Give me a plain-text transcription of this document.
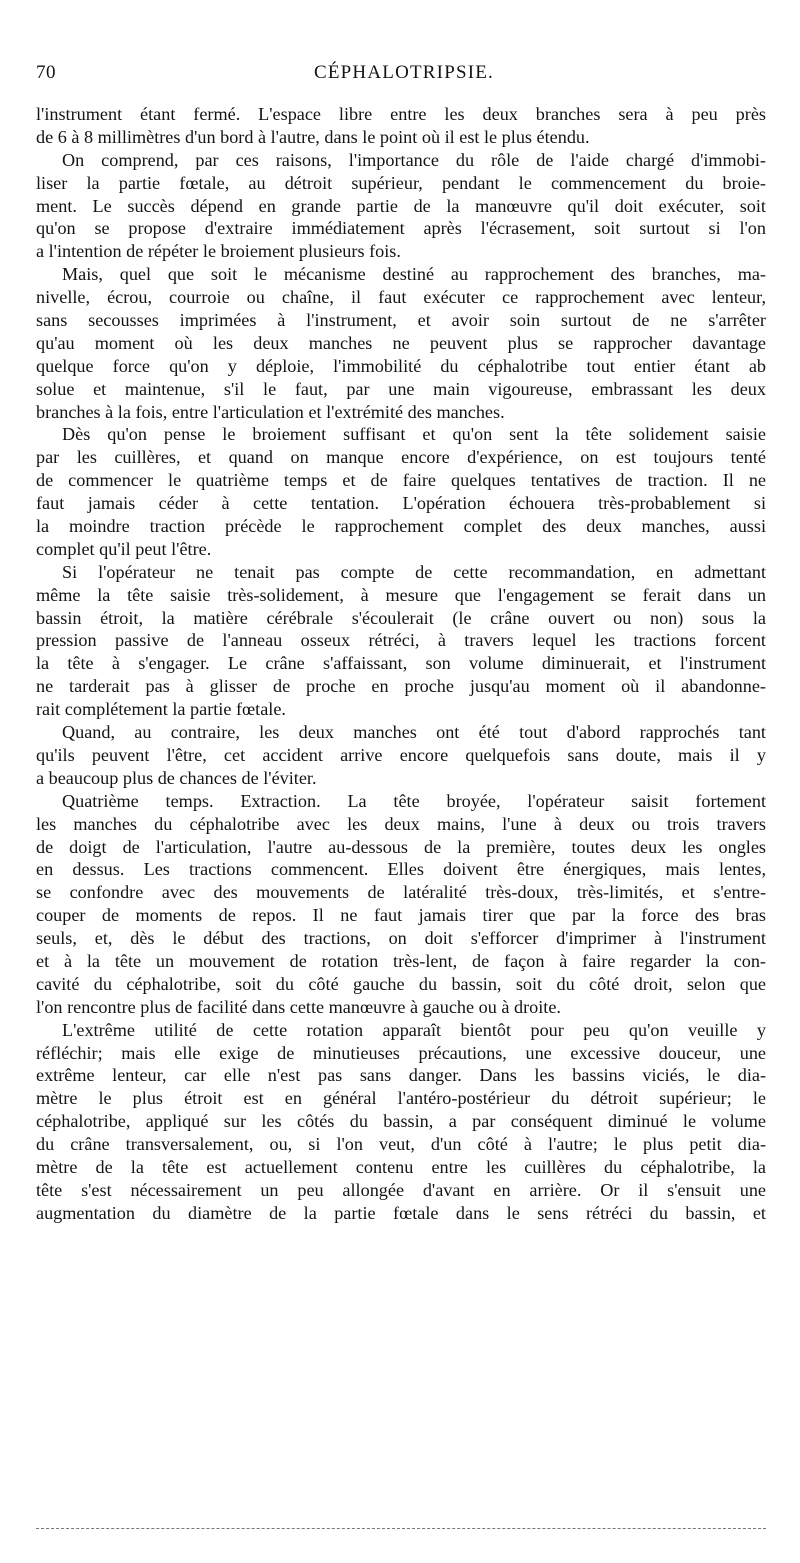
70	CÉPHALOTRIPSIE.
l'instrument étant fermé. L'espace libre entre les deux branches sera à peu près
de 6 à 8 millimètres d'un bord à l'autre, dans le point où il est le plus étendu.
On comprend, par ces raisons, l'importance du rôle de l'aide chargé d'immobi-
liser la partie fœtale, au détroit supérieur, pendant le commencement du broie-
ment. Le succès dépend en grande partie de la manœuvre qu'il doit exécuter, soit
qu'on se propose d'extraire immédiatement après l'écrasement, soit surtout si l'on
a l'intention de répéter le broiement plusieurs fois.
Mais, quel que soit le mécanisme destiné au rapprochement des branches, ma-
nivelle, écrou, courroie ou chaîne, il faut exécuter ce rapprochement avec lenteur,
sans secousses imprimées à l'instrument, et avoir soin surtout de ne s'arrêter
qu'au moment où les deux manches ne peuvent plus se rapprocher davantage
quelque force qu'on y déploie, l'immobilité du céphalotribe tout entier étant ab
solue et maintenue, s'il le faut, par une main vigoureuse, embrassant les deux
branches à la fois, entre l'articulation et l'extrémité des manches.
Dès qu'on pense le broiement suffisant et qu'on sent la tête solidement saisie
par les cuillères, et quand on manque encore d'expérience, on est toujours tenté
de commencer le quatrième temps et de faire quelques tentatives de traction. Il ne
faut jamais céder à cette tentation. L'opération échouera très-probablement si
la moindre traction précède le rapprochement complet des deux manches, aussi
complet qu'il peut l'être.
Si l'opérateur ne tenait pas compte de cette recommandation, en admettant
même la tête saisie très-solidement, à mesure que l'engagement se ferait dans un
bassin étroit, la matière cérébrale s'écoulerait (le crâne ouvert ou non) sous la
pression passive de l'anneau osseux rétréci, à travers lequel les tractions forcent
la tête à s'engager. Le crâne s'affaissant, son volume diminuerait, et l'instrument
ne tarderait pas à glisser de proche en proche jusqu'au moment où il abandonne-
rait complétement la partie fœtale.
Quand, au contraire, les deux manches ont été tout d'abord rapprochés tant
qu'ils peuvent l'être, cet accident arrive encore quelquefois sans doute, mais il y
a beaucoup plus de chances de l'éviter.
Quatrième temps. Extraction. La tête broyée, l'opérateur saisit fortement
les manches du céphalotribe avec les deux mains, l'une à deux ou trois travers
de doigt de l'articulation, l'autre au-dessous de la première, toutes deux les ongles
en dessus. Les tractions commencent. Elles doivent être énergiques, mais lentes,
se confondre avec des mouvements de latéralité très-doux, très-limités, et s'entre-
couper de moments de repos. Il ne faut jamais tirer que par la force des bras
seuls, et, dès le début des tractions, on doit s'efforcer d'imprimer à l'instrument
et à la tête un mouvement de rotation très-lent, de façon à faire regarder la con-
cavité du céphalotribe, soit du côté gauche du bassin, soit du côté droit, selon que
l'on rencontre plus de facilité dans cette manœuvre à gauche ou à droite.
L'extrême utilité de cette rotation apparaît bientôt pour peu qu'on veuille y
réfléchir; mais elle exige de minutieuses précautions, une excessive douceur, une
extrême lenteur, car elle n'est pas sans danger. Dans les bassins viciés, le dia-
mètre le plus étroit est en général l'antéro-postérieur du détroit supérieur; le
céphalotribe, appliqué sur les côtés du bassin, a par conséquent diminué le volume
du crâne transversalement, ou, si l'on veut, d'un côté à l'autre; le plus petit dia-
mètre de la tête est actuellement contenu entre les cuillères du céphalotribe, la
tête s'est nécessairement un peu allongée d'avant en arrière. Or il s'ensuit une
augmentation du diamètre de la partie fœtale dans le sens rétréci du bassin, et
